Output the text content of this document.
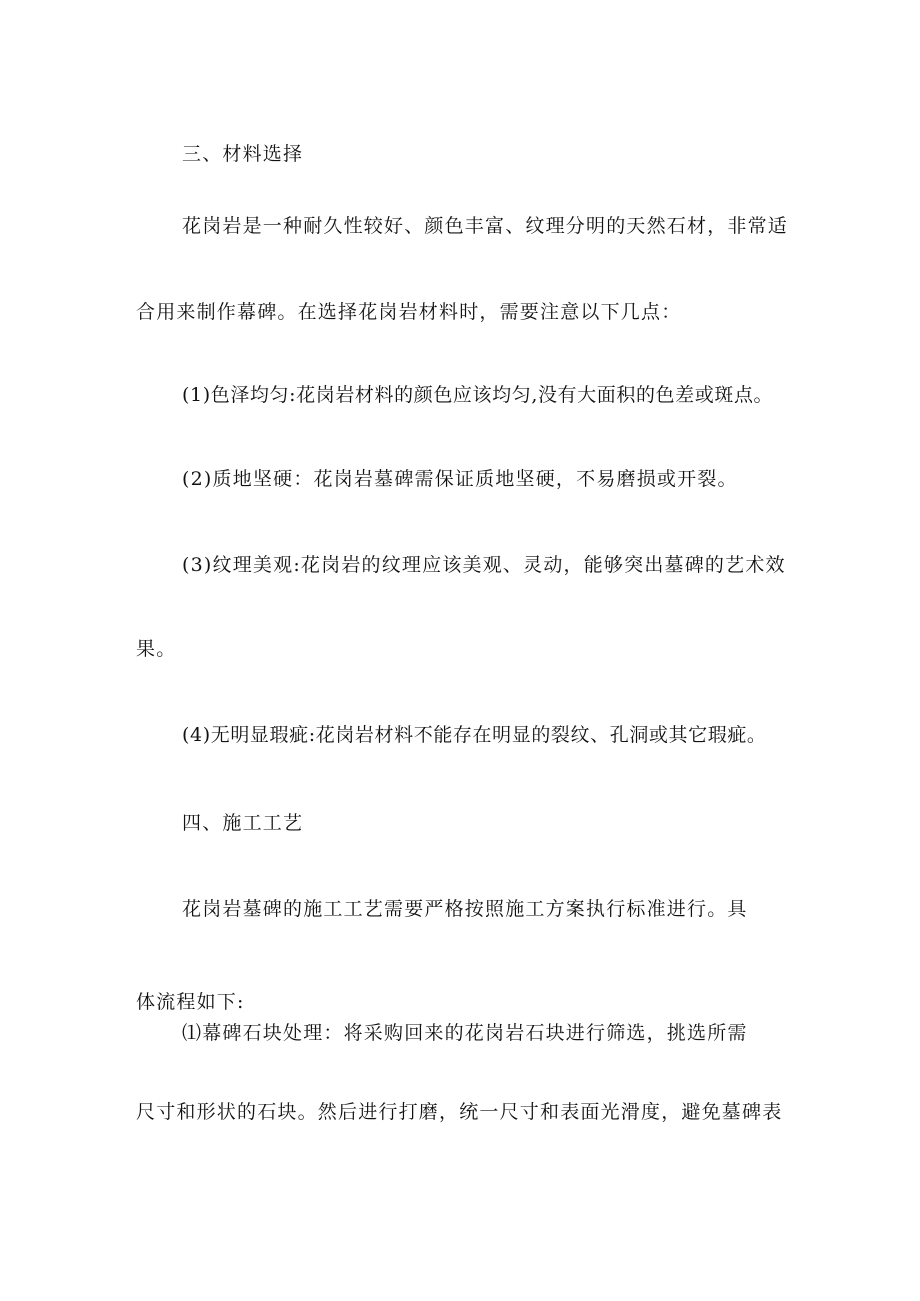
三、材料选择
花岗岩是一种耐久性较好、颜色丰富、纹理分明的天然石材，非常适
合用来制作幕碑。在选择花岗岩材料时，需要注意以下几点：
(1)色泽均匀:花岗岩材料的颜色应该均匀,没有大面积的色差或斑点。
(2)质地坚硬：花岗岩墓碑需保证质地坚硬，不易磨损或开裂。
(3)纹理美观:花岗岩的纹理应该美观、灵动，能够突出墓碑的艺术效
果。
(4)无明显瑕疵:花岗岩材料不能存在明显的裂纹、孔洞或其它瑕疵。
四、施工工艺
花岗岩墓碑的施工工艺需要严格按照施工方案执行标准进行。具
体流程如下:
⑴幕碑石块处理：将采购回来的花岗岩石块进行筛选，挑选所需
尺寸和形状的石块。然后进行打磨，统一尺寸和表面光滑度，避免墓碑表
